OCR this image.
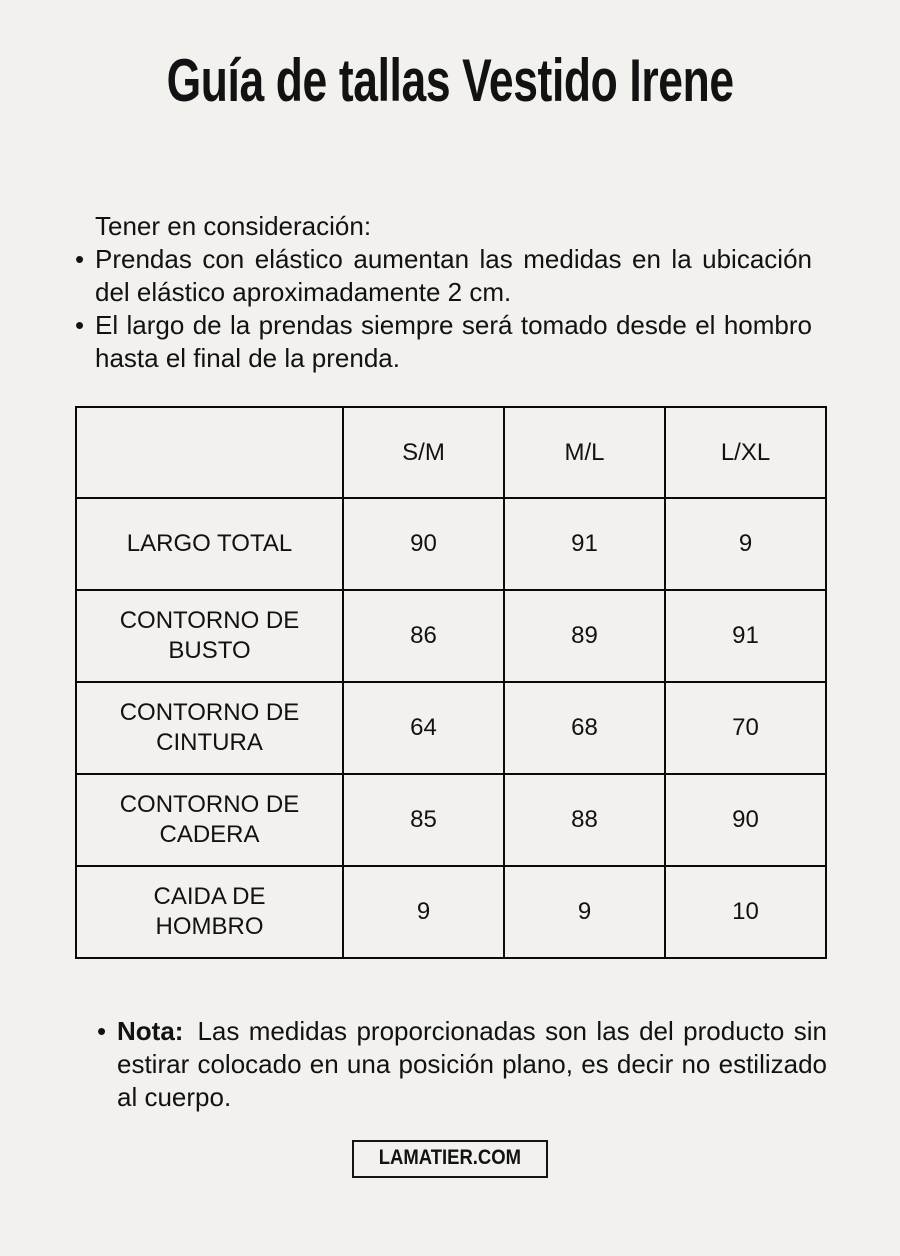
Guía de tallas Vestido Irene

Tener en consideración:

• Prendas con elástico aumentan las medidas en la ubicación del elástico aproximadamente 2 cm.
• El largo de la prendas siempre será tomado desde el hombro hasta el final de la prenda.
	S/M	M/L	L/XL
LARGO TOTAL	90	91	9
CONTORNO DE BUSTO	86	89	91
CONTORNO DE CINTURA	64	68	70
CONTORNO DE CADERA	85	88	90
CAIDA DE HOMBRO	9	9	10
• Nota: Las medidas proporcionadas son las del producto sin estirar colocado en una posición plano, es decir no estilizado al cuerpo.
LAMATIER.COM
